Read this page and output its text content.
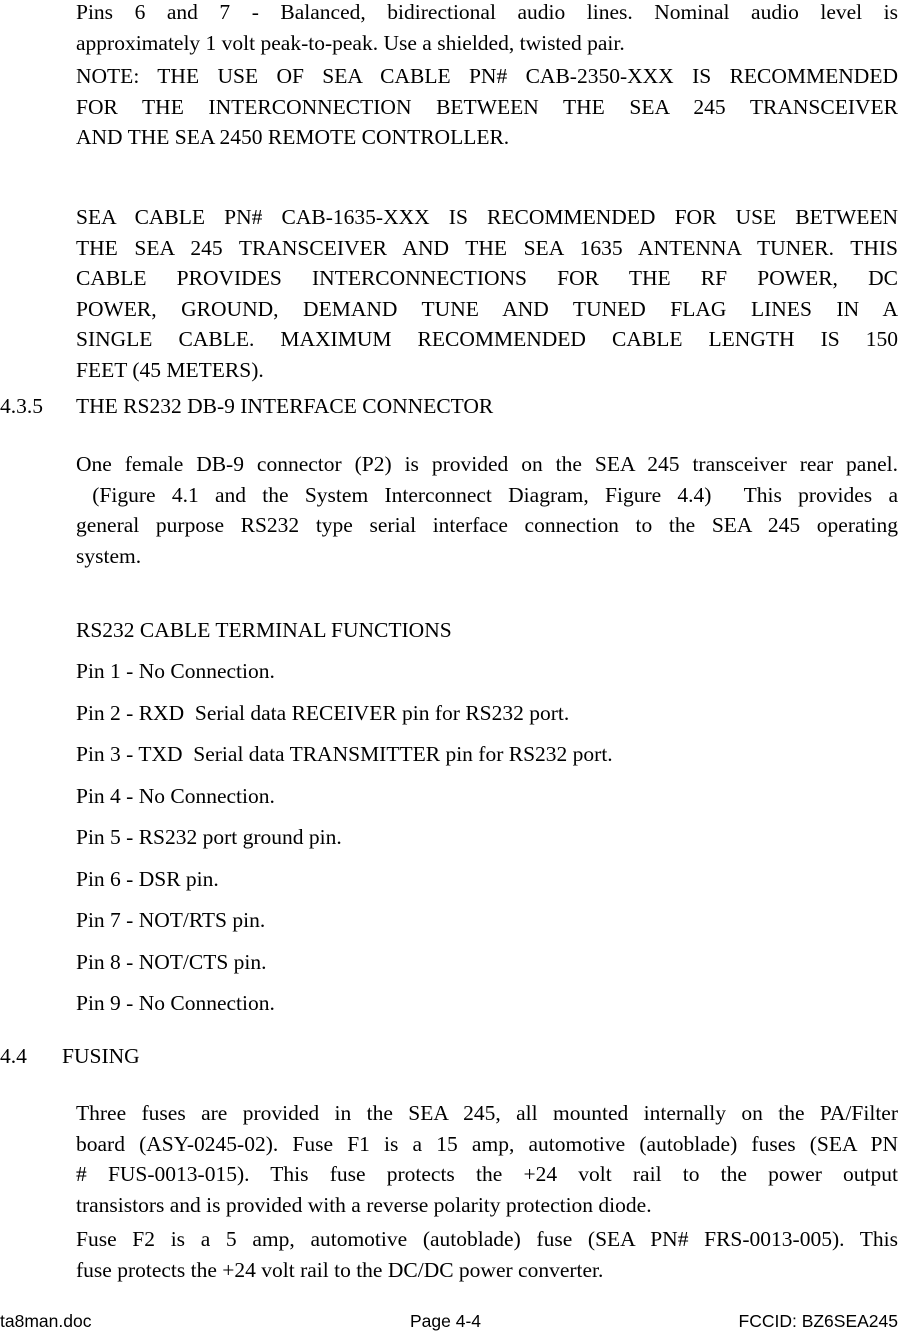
Pins 6 and 7 - Balanced, bidirectional audio lines. Nominal audio level is
approximately 1 volt peak-to-peak. Use a shielded, twisted pair.
NOTE: THE USE OF SEA CABLE PN# CAB-2350-XXX IS RECOMMENDED
FOR THE INTERCONNECTION BETWEEN THE SEA 245 TRANSCEIVER
AND THE SEA 2450 REMOTE CONTROLLER.
SEA CABLE PN# CAB-1635-XXX IS RECOMMENDED FOR USE BETWEEN
THE SEA 245 TRANSCEIVER AND THE SEA 1635 ANTENNA TUNER. THIS
CABLE PROVIDES INTERCONNECTIONS FOR THE RF POWER, DC
POWER, GROUND, DEMAND TUNE AND TUNED FLAG LINES IN A
SINGLE CABLE. MAXIMUM RECOMMENDED CABLE LENGTH IS 150
FEET (45 METERS).
4.3.5 THE RS232 DB-9 INTERFACE CONNECTOR
One female DB-9 connector (P2) is provided on the SEA 245 transceiver rear panel.
(Figure 4.1 and the System Interconnect Diagram, Figure 4.4)  This provides a
general purpose RS232 type serial interface connection to the SEA 245 operating
system.
RS232 CABLE TERMINAL FUNCTIONS
Pin 1 - No Connection.
Pin 2 - RXD  Serial data RECEIVER pin for RS232 port.
Pin 3 - TXD  Serial data TRANSMITTER pin for RS232 port.
Pin 4 - No Connection.
Pin 5 - RS232 port ground pin.
Pin 6 - DSR pin.
Pin 7 - NOT/RTS pin.
Pin 8 - NOT/CTS pin.
Pin 9 - No Connection.
4.4 FUSING
Three fuses are provided in the SEA 245, all mounted internally on the PA/Filter
board (ASY-0245-02). Fuse F1 is a 15 amp, automotive (autoblade) fuses (SEA PN
# FUS-0013-015). This fuse protects the +24 volt rail to the power output
transistors and is provided with a reverse polarity protection diode.
Fuse F2 is a 5 amp, automotive (autoblade) fuse (SEA PN# FRS-0013-005). This
fuse protects the +24 volt rail to the DC/DC power converter.
ta8man.doc	Page 4-4	FCCID: BZ6SEA245
